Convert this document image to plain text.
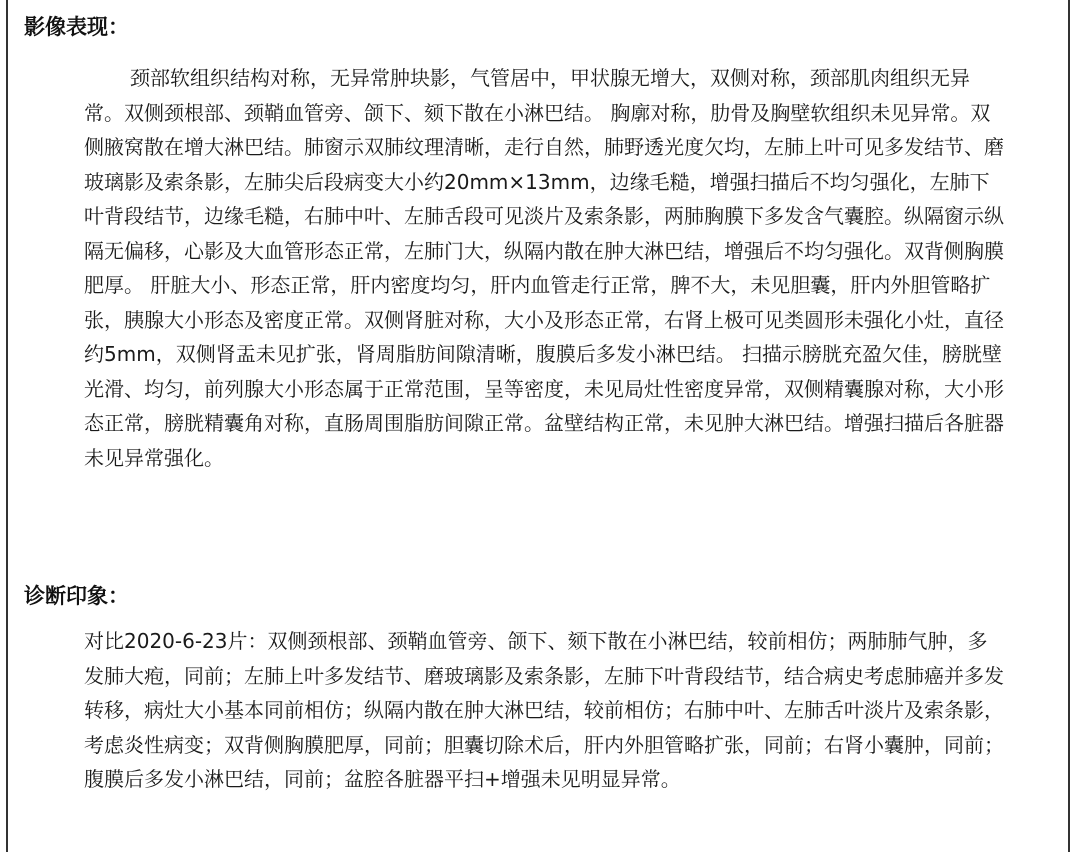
影像表现：
颈部软组织结构对称，无异常肿块影，气管居中，甲状腺无增大，双侧对称，颈部肌肉组织无异常。双侧颈根部、颈鞘血管旁、颌下、颏下散在小淋巴结。 胸廓对称，肋骨及胸壁软组织未见异常。双侧腋窝散在增大淋巴结。肺窗示双肺纹理清晰，走行自然，肺野透光度欠均，左肺上叶可见多发结节、磨玻璃影及索条影，左肺尖后段病变大小约20mm×13mm，边缘毛糙，增强扫描后不均匀强化，左肺下叶背段结节，边缘毛糙，右肺中叶、左肺舌段可见淡片及索条影，两肺胸膜下多发含气囊腔。纵隔窗示纵隔无偏移，心影及大血管形态正常，左肺门大，纵隔内散在肿大淋巴结，增强后不均匀强化。双背侧胸膜肥厚。 肝脏大小、形态正常，肝内密度均匀，肝内血管走行正常，脾不大，未见胆囊，肝内外胆管略扩张，胰腺大小形态及密度正常。双侧肾脏对称，大小及形态正常，右肾上极可见类圆形未强化小灶，直径约5mm，双侧肾盂未见扩张，肾周脂肪间隙清晰，腹膜后多发小淋巴结。 扫描示膀胱充盈欠佳，膀胱壁光滑、均匀，前列腺大小形态属于正常范围，呈等密度，未见局灶性密度异常，双侧精囊腺对称，大小形态正常，膀胱精囊角对称，直肠周围脂肪间隙正常。盆壁结构正常，未见肿大淋巴结。增强扫描后各脏器未见异常强化。
诊断印象：
对比2020-6-23片：双侧颈根部、颈鞘血管旁、颌下、颏下散在小淋巴结，较前相仿；两肺肺气肿，多发肺大疱，同前；左肺上叶多发结节、磨玻璃影及索条影，左肺下叶背段结节，结合病史考虑肺癌并多发转移，病灶大小基本同前相仿；纵隔内散在肿大淋巴结，较前相仿；右肺中叶、左肺舌叶淡片及索条影，考虑炎性病变；双背侧胸膜肥厚，同前；胆囊切除术后，肝内外胆管略扩张，同前；右肾小囊肿，同前；腹膜后多发小淋巴结，同前；盆腔各脏器平扫+增强未见明显异常。
